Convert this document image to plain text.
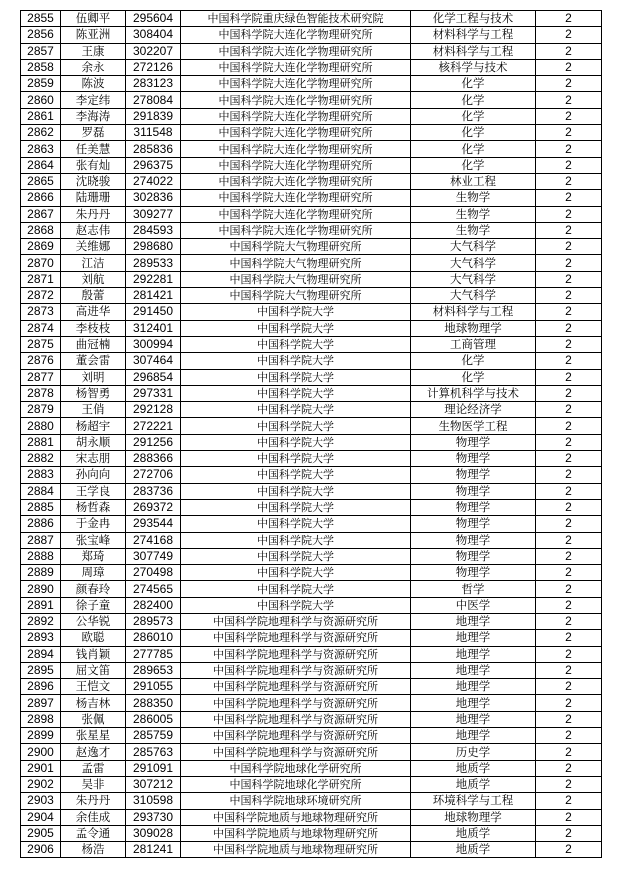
2855	伍卿平	295604	中国科学院重庆绿色智能技术研究院	化学工程与技术	2
2856	陈亚洲	308404	中国科学院大连化学物理研究所	材料科学与工程	2
2857	王康	302207	中国科学院大连化学物理研究所	材料科学与工程	2
2858	余永	272126	中国科学院大连化学物理研究所	核科学与技术	2
2859	陈波	283123	中国科学院大连化学物理研究所	化学	2
2860	李定纬	278084	中国科学院大连化学物理研究所	化学	2
2861	李海涛	291839	中国科学院大连化学物理研究所	化学	2
2862	罗磊	311548	中国科学院大连化学物理研究所	化学	2
2863	任美慧	285836	中国科学院大连化学物理研究所	化学	2
2864	张有灿	296375	中国科学院大连化学物理研究所	化学	2
2865	沈晓骏	274022	中国科学院大连化学物理研究所	林业工程	2
2866	陆珊珊	302836	中国科学院大连化学物理研究所	生物学	2
2867	朱丹丹	309277	中国科学院大连化学物理研究所	生物学	2
2868	赵志伟	284593	中国科学院大连化学物理研究所	生物学	2
2869	关维娜	298680	中国科学院大气物理研究所	大气科学	2
2870	江洁	289533	中国科学院大气物理研究所	大气科学	2
2871	刘航	292281	中国科学院大气物理研究所	大气科学	2
2872	殷蕾	281421	中国科学院大气物理研究所	大气科学	2
2873	高进华	291450	中国科学院大学	材料科学与工程	2
2874	李枝枝	312401	中国科学院大学	地球物理学	2
2875	曲冠楠	300994	中国科学院大学	工商管理	2
2876	董会雷	307464	中国科学院大学	化学	2
2877	刘明	296854	中国科学院大学	化学	2
2878	杨智勇	297331	中国科学院大学	计算机科学与技术	2
2879	王俏	292128	中国科学院大学	理论经济学	2
2880	杨超宇	272221	中国科学院大学	生物医学工程	2
2881	胡永顺	291256	中国科学院大学	物理学	2
2882	宋志朋	288366	中国科学院大学	物理学	2
2883	孙向向	272706	中国科学院大学	物理学	2
2884	王学良	283736	中国科学院大学	物理学	2
2885	杨哲森	269372	中国科学院大学	物理学	2
2886	于金冉	293544	中国科学院大学	物理学	2
2887	张宝峰	274168	中国科学院大学	物理学	2
2888	郑琦	307749	中国科学院大学	物理学	2
2889	周璋	270498	中国科学院大学	物理学	2
2890	颜春玲	274565	中国科学院大学	哲学	2
2891	徐子童	282400	中国科学院大学	中医学	2
2892	公华锐	289573	中国科学院地理科学与资源研究所	地理学	2
2893	欧聪	286010	中国科学院地理科学与资源研究所	地理学	2
2894	钱肖颖	277785	中国科学院地理科学与资源研究所	地理学	2
2895	屈文笛	289653	中国科学院地理科学与资源研究所	地理学	2
2896	王恺文	291055	中国科学院地理科学与资源研究所	地理学	2
2897	杨吉林	288350	中国科学院地理科学与资源研究所	地理学	2
2898	张佩	286005	中国科学院地理科学与资源研究所	地理学	2
2899	张星星	285759	中国科学院地理科学与资源研究所	地理学	2
2900	赵逸才	285763	中国科学院地理科学与资源研究所	历史学	2
2901	孟雷	291091	中国科学院地球化学研究所	地质学	2
2902	吴非	307212	中国科学院地球化学研究所	地质学	2
2903	朱丹丹	310598	中国科学院地球环境研究所	环境科学与工程	2
2904	余佳成	293730	中国科学院地质与地球物理研究所	地球物理学	2
2905	孟令通	309028	中国科学院地质与地球物理研究所	地质学	2
2906	杨浩	281241	中国科学院地质与地球物理研究所	地质学	2
